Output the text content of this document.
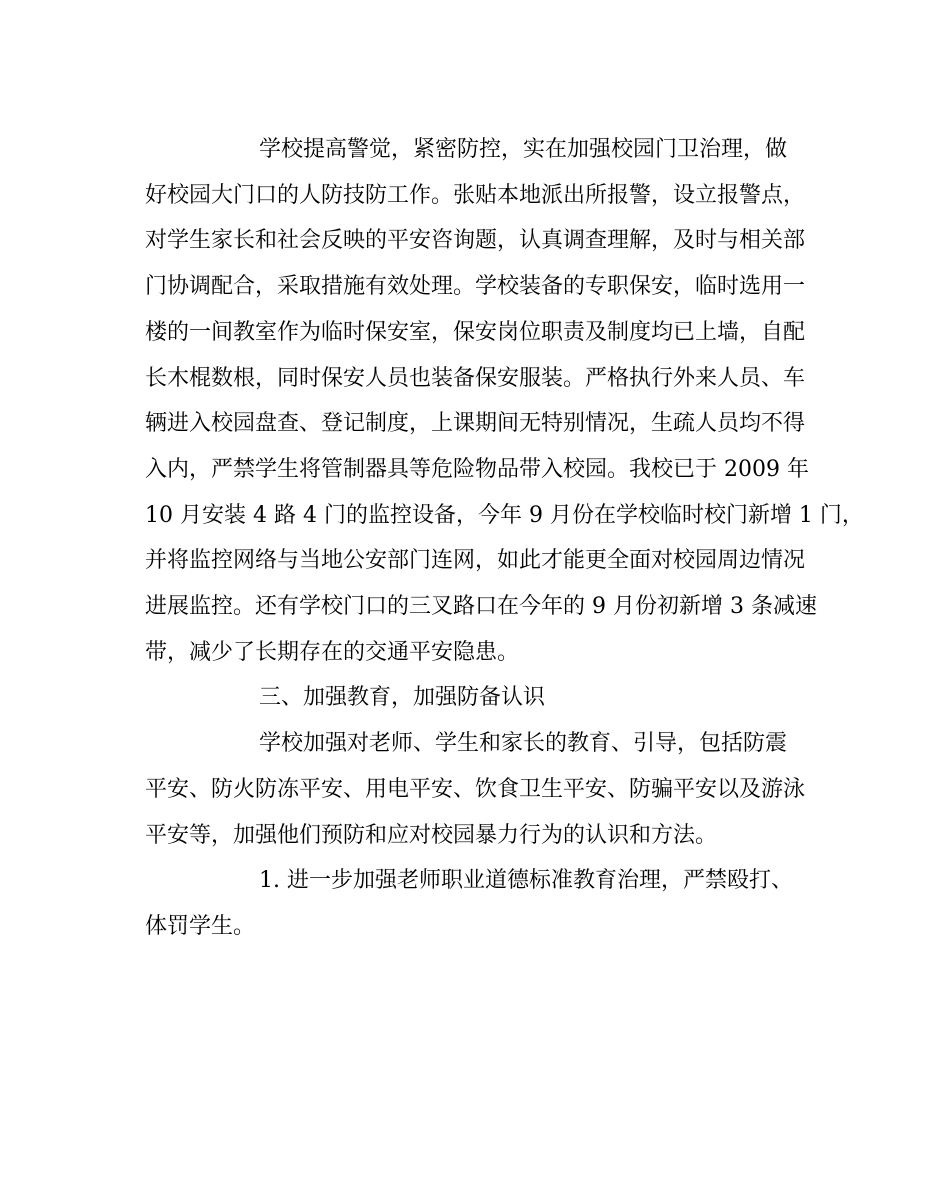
学校提高警觉，紧密防控，实在加强校园门卫治理，做
好校园大门口的人防技防工作。张贴本地派出所报警，设立报警点，
对学生家长和社会反映的平安咨询题，认真调查理解，及时与相关部
门协调配合，采取措施有效处理。学校装备的专职保安，临时选用一
楼的一间教室作为临时保安室，保安岗位职责及制度均已上墙，自配
长木棍数根，同时保安人员也装备保安服装。严格执行外来人员、车
辆进入校园盘查、登记制度，上课期间无特别情况，生疏人员均不得
入内，严禁学生将管制器具等危险物品带入校园。我校已于 2009 年
10 月安装 4 路 4 门的监控设备，今年 9 月份在学校临时校门新增 1 门，
并将监控网络与当地公安部门连网，如此才能更全面对校园周边情况
进展监控。还有学校门口的三叉路口在今年的 9 月份初新增 3 条减速
带，减少了长期存在的交通平安隐患。
三、加强教育，加强防备认识
学校加强对老师、学生和家长的教育、引导，包括防震
平安、防火防冻平安、用电平安、饮食卫生平安、防骗平安以及游泳
平安等，加强他们预防和应对校园暴力行为的认识和方法。
1. 进一步加强老师职业道德标准教育治理，严禁殴打、
体罚学生。
